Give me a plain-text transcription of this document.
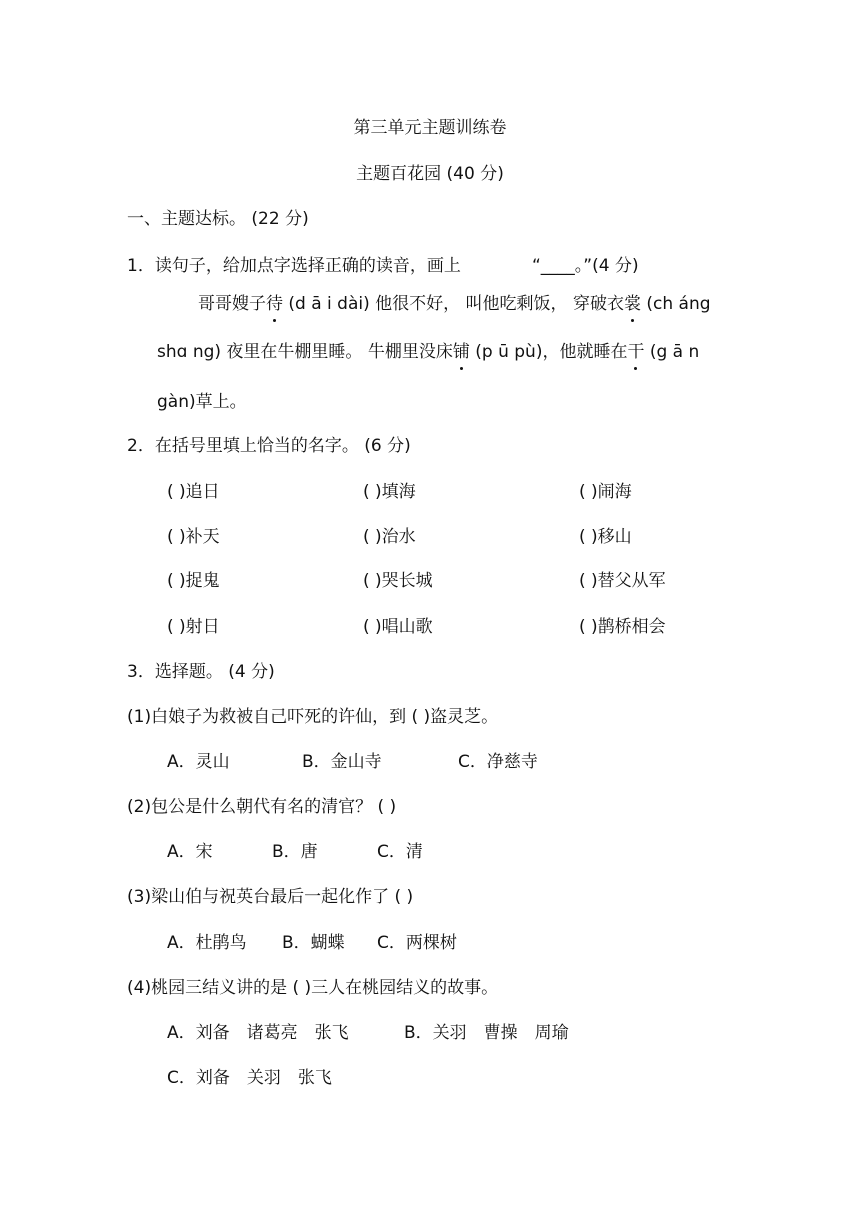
第三单元主题训练卷
主题百花园 (40 分)
一、主题达标。 (22 分)
1．读句子，给加点字选择正确的读音，画上	“____。”(4 分)
哥哥嫂子待 (d ā i dài) 他很不好， 叫他吃剩饭， 穿破衣裳 (ch áng
shɑ ng) 夜里在牛棚里睡。 牛棚里没床铺 (p ū pù)，他就睡在干 (g ā n
gàn)草上。
2．在括号里填上恰当的名字。 (6 分)
( )追日	( )填海	( )闹海
( )补天	( )治水	( )移山
( )捉鬼	( )哭长城	( )替父从军
( )射日	( )唱山歌	( )鹊桥相会
3．选择题。 (4 分)
(1)白娘子为救被自己吓死的许仙，到 ( )盗灵芝。
A．灵山	B．金山寺	C．净慈寺
(2)包公是什么朝代有名的清官？ ( )
A．宋	B．唐	C．清
(3)梁山伯与祝英台最后一起化作了 ( )
A．杜鹃鸟 B．蝴蝶 C．两棵树
(4)桃园三结义讲的是 ( )三人在桃园结义的故事。
A．刘备　诸葛亮　张飞	B．关羽　曹操　周瑜
C．刘备　关羽　张飞
